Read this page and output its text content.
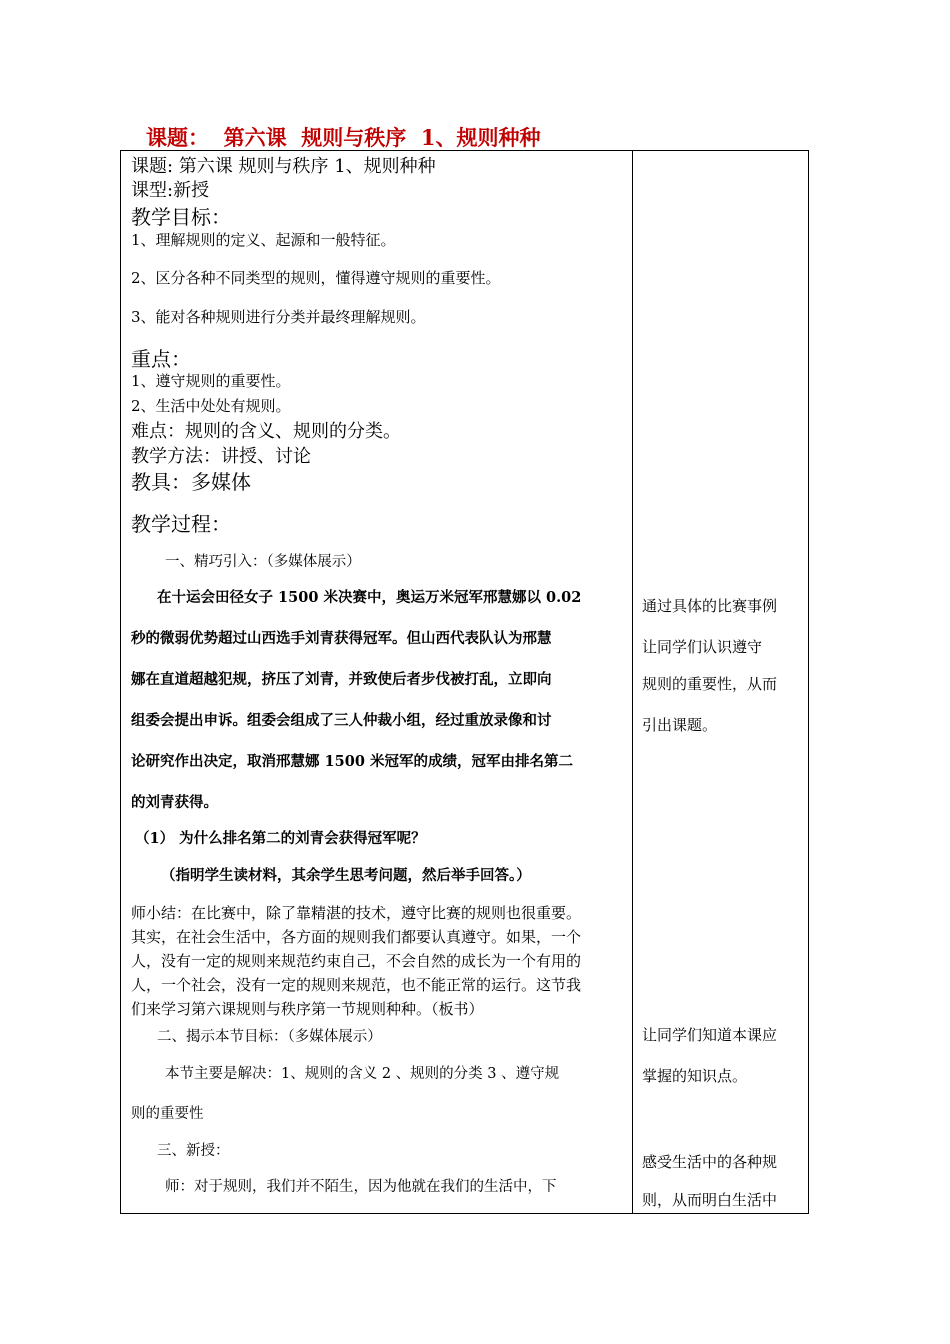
课题：  第六课  规则与秩序  1、规则种种
课题: 第六课 规则与秩序 1、规则种种
课型:新授
教学目标：
1、理解规则的定义、起源和一般特征。
2、区分各种不同类型的规则，懂得遵守规则的重要性。
3、能对各种规则进行分类并最终理解规则。
重点：
1、遵守规则的重要性。
2、生活中处处有规则。
难点：规则的含义、规则的分类。
教学方法：讲授、讨论
教具：多媒体
教学过程：
一、精巧引入：（多媒体展示）
在十运会田径女子 1500 米决赛中，奥运万米冠军邢慧娜以 0.02
秒的微弱优势超过山西选手刘青获得冠军。但山西代表队认为邢慧
娜在直道超越犯规，挤压了刘青，并致使后者步伐被打乱，立即向
组委会提出申诉。组委会组成了三人仲裁小组，经过重放录像和讨
论研究作出决定，取消邢慧娜 1500 米冠军的成绩，冠军由排名第二
的刘青获得。
（1） 为什么排名第二的刘青会获得冠军呢？
（指明学生读材料，其余学生思考问题，然后举手回答。）
师小结：在比赛中，除了靠精湛的技术，遵守比赛的规则也很重要。
其实，在社会生活中，各方面的规则我们都要认真遵守。如果，一个
人，没有一定的规则来规范约束自己，不会自然的成长为一个有用的
人，一个社会，没有一定的规则来规范，也不能正常的运行。这节我
们来学习第六课规则与秩序第一节规则种种。（板书）
二、揭示本节目标：（多媒体展示）
本节主要是解决：1、规则的含义 2 、规则的分类 3 、遵守规
则的重要性
三、新授：
师：对于规则，我们并不陌生，因为他就在我们的生活中，下
通过具体的比赛事例
让同学们认识遵守
规则的重要性，从而
引出课题。
让同学们知道本课应
掌握的知识点。
感受生活中的各种规
则，从而明白生活中
